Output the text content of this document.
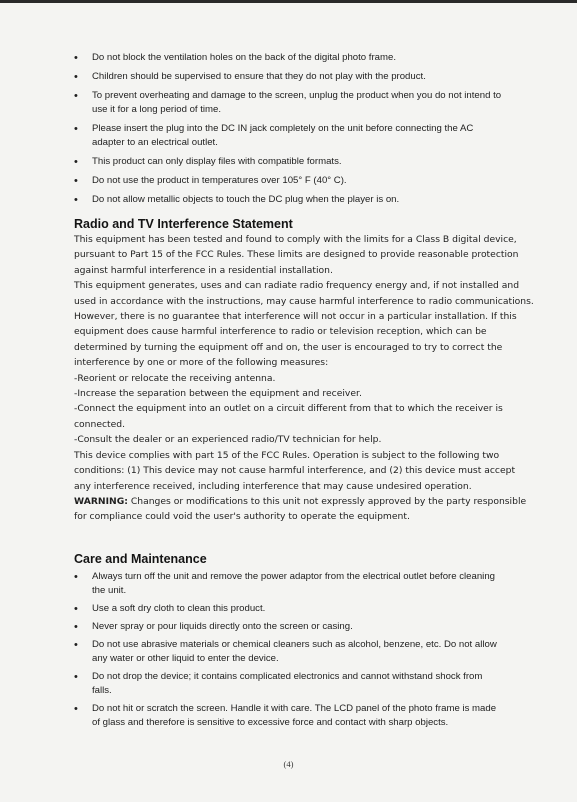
• Do not block the ventilation holes on the back of the digital photo frame.
• Children should be supervised to ensure that they do not play with the product.
• To prevent overheating and damage to the screen, unplug the product when you do not intend to use it for a long period of time.
• Please insert the plug into the DC IN jack completely on the unit before connecting the AC adapter to an electrical outlet.
• This product can only display files with compatible formats.
• Do not use the product in temperatures over 105° F (40° C).
• Do not allow metallic objects to touch the DC plug when the player is on.
Radio and TV Interference Statement

This equipment has been tested and found to comply with the limits for a Class B digital device, pursuant to Part 15 of the FCC Rules. These limits are designed to provide reasonable protection against harmful interference in a residential installation.

This equipment generates, uses and can radiate radio frequency energy and, if not installed and used in accordance with the instructions, may cause harmful interference to radio communications. However, there is no guarantee that interference will not occur in a particular installation. If this equipment does cause harmful interference to radio or television reception, which can be determined by turning the equipment off and on, the user is encouraged to try to correct the interference by one or more of the following measures:

-Reorient or relocate the receiving antenna.

-Increase the separation between the equipment and receiver.

-Connect the equipment into an outlet on a circuit different from that to which the receiver is connected.

-Consult the dealer or an experienced radio/TV technician for help.

This device complies with part 15 of the FCC Rules. Operation is subject to the following two conditions: (1) This device may not cause harmful interference, and (2) this device must accept any interference received, including interference that may cause undesired operation.

WARNING: Changes or modifications to this unit not expressly approved by the party responsible for compliance could void the user's authority to operate the equipment.

Care and Maintenance
• Always turn off the unit and remove the power adaptor from the electrical outlet before cleaning the unit.
• Use a soft dry cloth to clean this product.
• Never spray or pour liquids directly onto the screen or casing.
• Do not use abrasive materials or chemical cleaners such as alcohol, benzene, etc. Do not allow any water or other liquid to enter the device.
• Do not drop the device; it contains complicated electronics and cannot withstand shock from falls.
• Do not hit or scratch the screen. Handle it with care. The LCD panel of the photo frame is made of glass and therefore is sensitive to excessive force and contact with sharp objects.
(4)
